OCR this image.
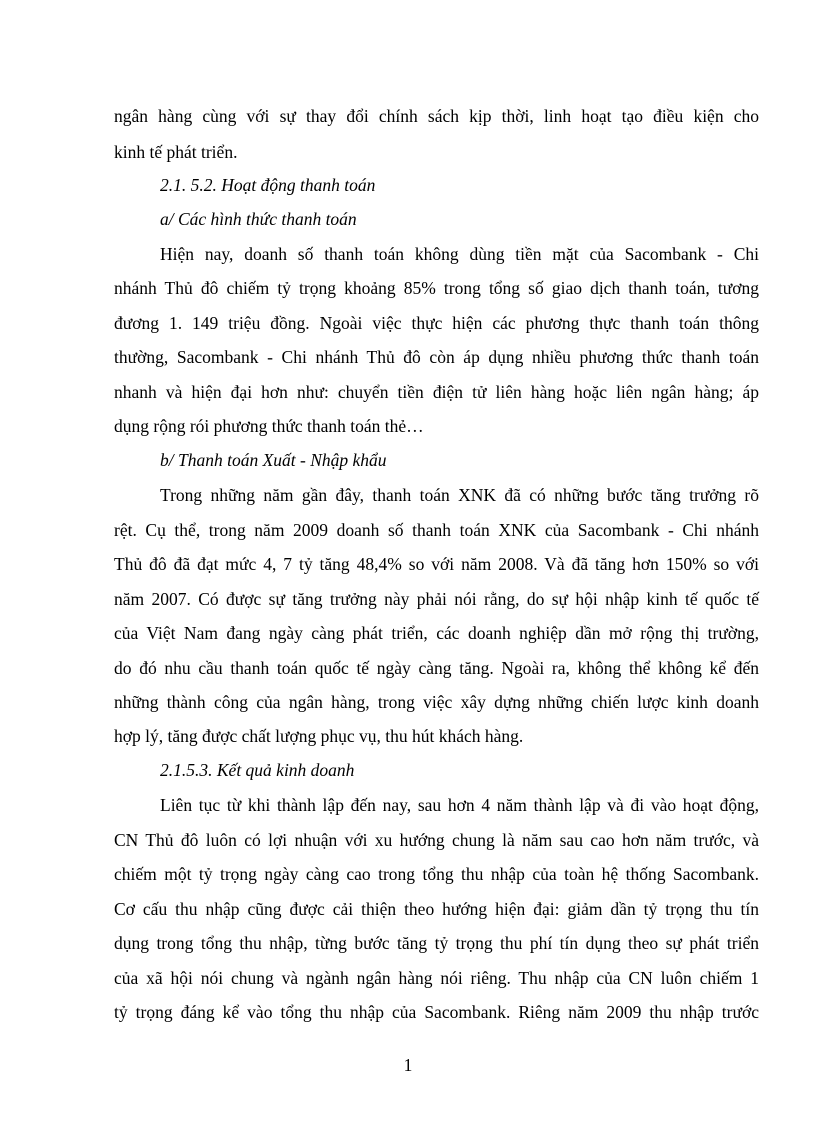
ngân hàng cùng với sự thay đổi chính sách kịp thời, linh hoạt tạo điều kiện cho
kinh tế phát triển.
2.1. 5.2. Hoạt động thanh toán
a/ Các hình thức thanh toán
Hiện nay, doanh số thanh toán không dùng tiền mặt của Sacombank - Chi
nhánh Thủ đô chiếm tỷ trọng khoảng 85% trong tổng số giao dịch thanh toán, tương
đương 1. 149 triệu đồng. Ngoài việc thực hiện các phương thực thanh toán thông
thường, Sacombank - Chi nhánh Thủ đô còn áp dụng nhiều phương thức thanh toán
nhanh và hiện đại hơn như: chuyển tiền điện tử liên hàng hoặc liên ngân hàng; áp
dụng rộng rói phương thức thanh toán thẻ…
b/ Thanh toán Xuất - Nhập khẩu
Trong những năm gần đây, thanh toán XNK đã có những bước tăng trưởng rõ
rệt. Cụ thể, trong năm 2009 doanh số thanh toán XNK của Sacombank - Chi nhánh
Thủ đô đã đạt mức 4, 7 tỷ tăng 48,4% so với năm 2008. Và đã tăng hơn 150% so với
năm 2007. Có được sự tăng trưởng này phải nói rằng, do sự hội nhập kinh tế quốc tế
của Việt Nam đang ngày càng phát triển, các doanh nghiệp dần mở rộng thị trường,
do đó nhu cầu thanh toán quốc tế ngày càng tăng. Ngoài ra, không thể không kể đến
những thành công của ngân hàng, trong việc xây dựng những chiến lược kinh doanh
hợp lý, tăng được chất lượng phục vụ, thu hút khách hàng.
2.1.5.3. Kết quả kinh doanh
Liên tục từ khi thành lập đến nay, sau hơn 4 năm thành lập và đi vào hoạt động,
CN Thủ đô luôn có lợi nhuận với xu hướng chung là năm sau cao hơn năm trước, và
chiếm một tỷ trọng ngày càng cao trong tổng thu nhập của toàn hệ thống Sacombank.
Cơ cấu thu nhập cũng được cải thiện theo hướng hiện đại: giảm dần tỷ trọng thu tín
dụng trong tổng thu nhập, từng bước tăng tỷ trọng thu phí tín dụng theo sự phát triển
của xã hội nói chung và ngành ngân hàng nói riêng. Thu nhập của CN luôn chiếm 1
tỷ trọng đáng kể vào tổng thu nhập của Sacombank. Riêng năm 2009 thu nhập trước
1
